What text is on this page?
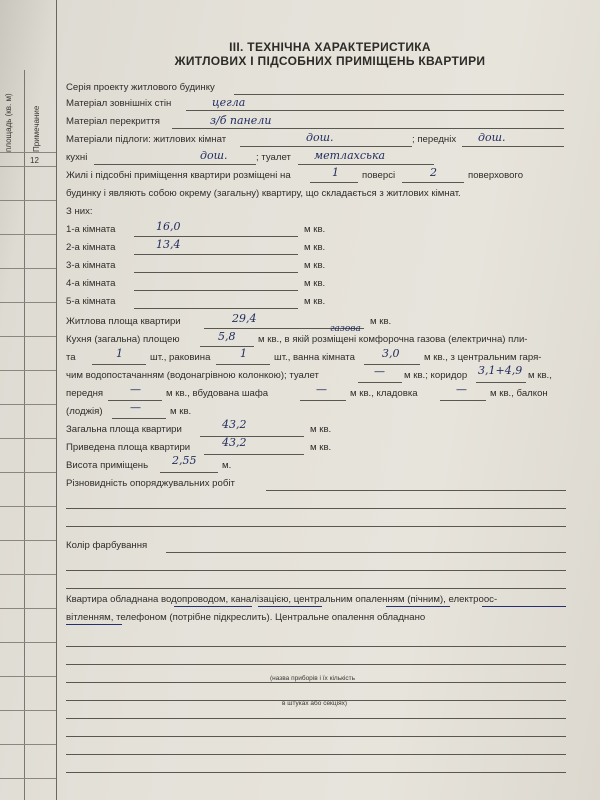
площадь (кв. м) Примечание
12
III. ТЕХНІЧНА ХАРАКТЕРИСТИКА
ЖИТЛОВИХ І ПІДСОБНИХ ПРИМІЩЕНЬ КВАРТИРИ
Серія проекту житлового будинку
Матеріал зовнішніх стін	цегла
Матеріал перекриття	з/б панели
Матеріали підлоги: житлових кімнат	дош.	; передніх дош.
кухні	дош.	; туалет метлахська
Жилі і підсобні приміщення квартири розміщені на	1 поверсі	2	поверхового
будинку і являють собою окрему (загальну) квартиру, що складається з житлових кімнат.
З них:
1-а кімната	16,0	м кв.
2-а кімната	13,4	м кв.
3-а кімната	м кв.
4-а кімната	м кв.
5-а кімната	м кв.
Житлова площа квартири	29,4	м кв.
Кухня (загальна) площею	5,8 м кв., в якій розміщені комфорочна газова (електрична) пли-
газова
та	1	шт., раковина	1	шт., ванна кімната 3,0	м кв., з центральним гаря-
чим водопостачанням (водонагрівною колонкою); туалет	— м кв.; коридор 3,1+4,9 м кв.,
передня —	м кв., вбудована шафа	— м кв., кладовка	— м кв., балкон
(лоджія) —	м кв.
Загальна площа квартири	43,2	м кв.
Приведена площа квартири	43,2	м кв.
Висота приміщень 2,55	м.
Різновидність опоряджувальних робіт
Колір фарбування
Квартира обладнана водопроводом, каналізацією, центральним опаленням (пічним), електроос-
вітленням, телефоном (потрібне підкреслить). Центральне опалення обладнано
(назва приборів і їх кількість
в штуках або секціях)
